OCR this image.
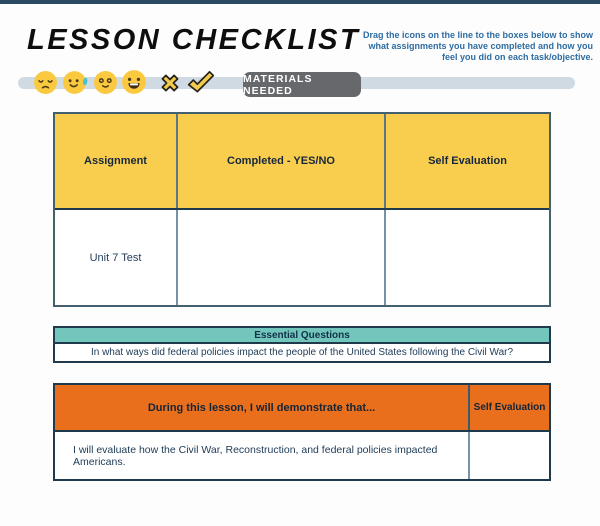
LESSON CHECKLIST Drag the icons on the line to the boxes below to show what assignments you have completed and how you feel you did on each task/objective.

MATERIALS NEEDED
Assignment	Completed - YES/NO	Self Evaluation
Unit 7 Test
Essential Questions
In what ways did federal policies impact the people of the United States following the Civil War?
During this lesson, I will demonstrate that...	Self Evaluation
I will evaluate how the Civil War, Reconstruction, and federal policies impacted Americans.
